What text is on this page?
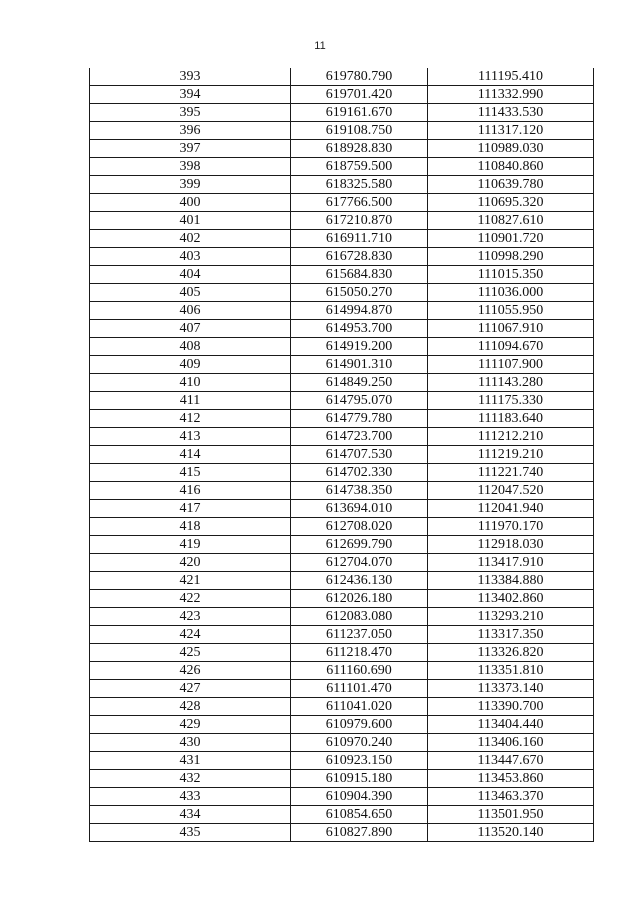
11
393	619780.790	111195.410
394	619701.420	111332.990
395	619161.670	111433.530
396	619108.750	111317.120
397	618928.830	110989.030
398	618759.500	110840.860
399	618325.580	110639.780
400	617766.500	110695.320
401	617210.870	110827.610
402	616911.710	110901.720
403	616728.830	110998.290
404	615684.830	111015.350
405	615050.270	111036.000
406	614994.870	111055.950
407	614953.700	111067.910
408	614919.200	111094.670
409	614901.310	111107.900
410	614849.250	111143.280
411	614795.070	111175.330
412	614779.780	111183.640
413	614723.700	111212.210
414	614707.530	111219.210
415	614702.330	111221.740
416	614738.350	112047.520
417	613694.010	112041.940
418	612708.020	111970.170
419	612699.790	112918.030
420	612704.070	113417.910
421	612436.130	113384.880
422	612026.180	113402.860
423	612083.080	113293.210
424	611237.050	113317.350
425	611218.470	113326.820
426	611160.690	113351.810
427	611101.470	113373.140
428	611041.020	113390.700
429	610979.600	113404.440
430	610970.240	113406.160
431	610923.150	113447.670
432	610915.180	113453.860
433	610904.390	113463.370
434	610854.650	113501.950
435	610827.890	113520.140
